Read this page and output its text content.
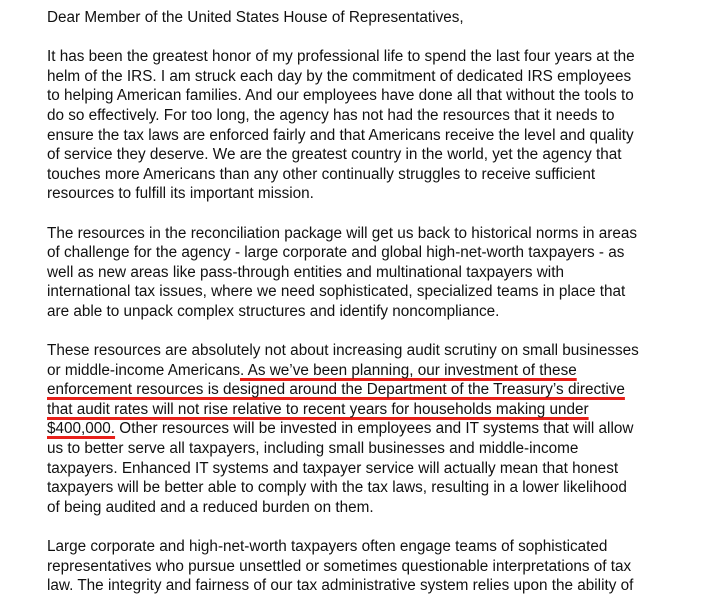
Dear Member of the United States House of Representatives,

It has been the greatest honor of my professional life to spend the last four years at the
helm of the IRS. I am struck each day by the commitment of dedicated IRS employees
to helping American families. And our employees have done all that without the tools to
do so effectively. For too long, the agency has not had the resources that it needs to
ensure the tax laws are enforced fairly and that Americans receive the level and quality
of service they deserve. We are the greatest country in the world, yet the agency that
touches more Americans than any other continually struggles to receive sufficient
resources to fulfill its important mission.

The resources in the reconciliation package will get us back to historical norms in areas
of challenge for the agency - large corporate and global high-net-worth taxpayers - as
well as new areas like pass-through entities and multinational taxpayers with
international tax issues, where we need sophisticated, specialized teams in place that
are able to unpack complex structures and identify noncompliance.

These resources are absolutely not about increasing audit scrutiny on small businesses
or middle-income Americans. As we’ve been planning, our investment of these
enforcement resources is designed around the Department of the Treasury’s directive
that audit rates will not rise relative to recent years for households making under
$400,000. Other resources will be invested in employees and IT systems that will allow
us to better serve all taxpayers, including small businesses and middle-income
taxpayers. Enhanced IT systems and taxpayer service will actually mean that honest
taxpayers will be better able to comply with the tax laws, resulting in a lower likelihood
of being audited and a reduced burden on them.

Large corporate and high-net-worth taxpayers often engage teams of sophisticated
representatives who pursue unsettled or sometimes questionable interpretations of tax
law. The integrity and fairness of our tax administrative system relies upon the ability of
